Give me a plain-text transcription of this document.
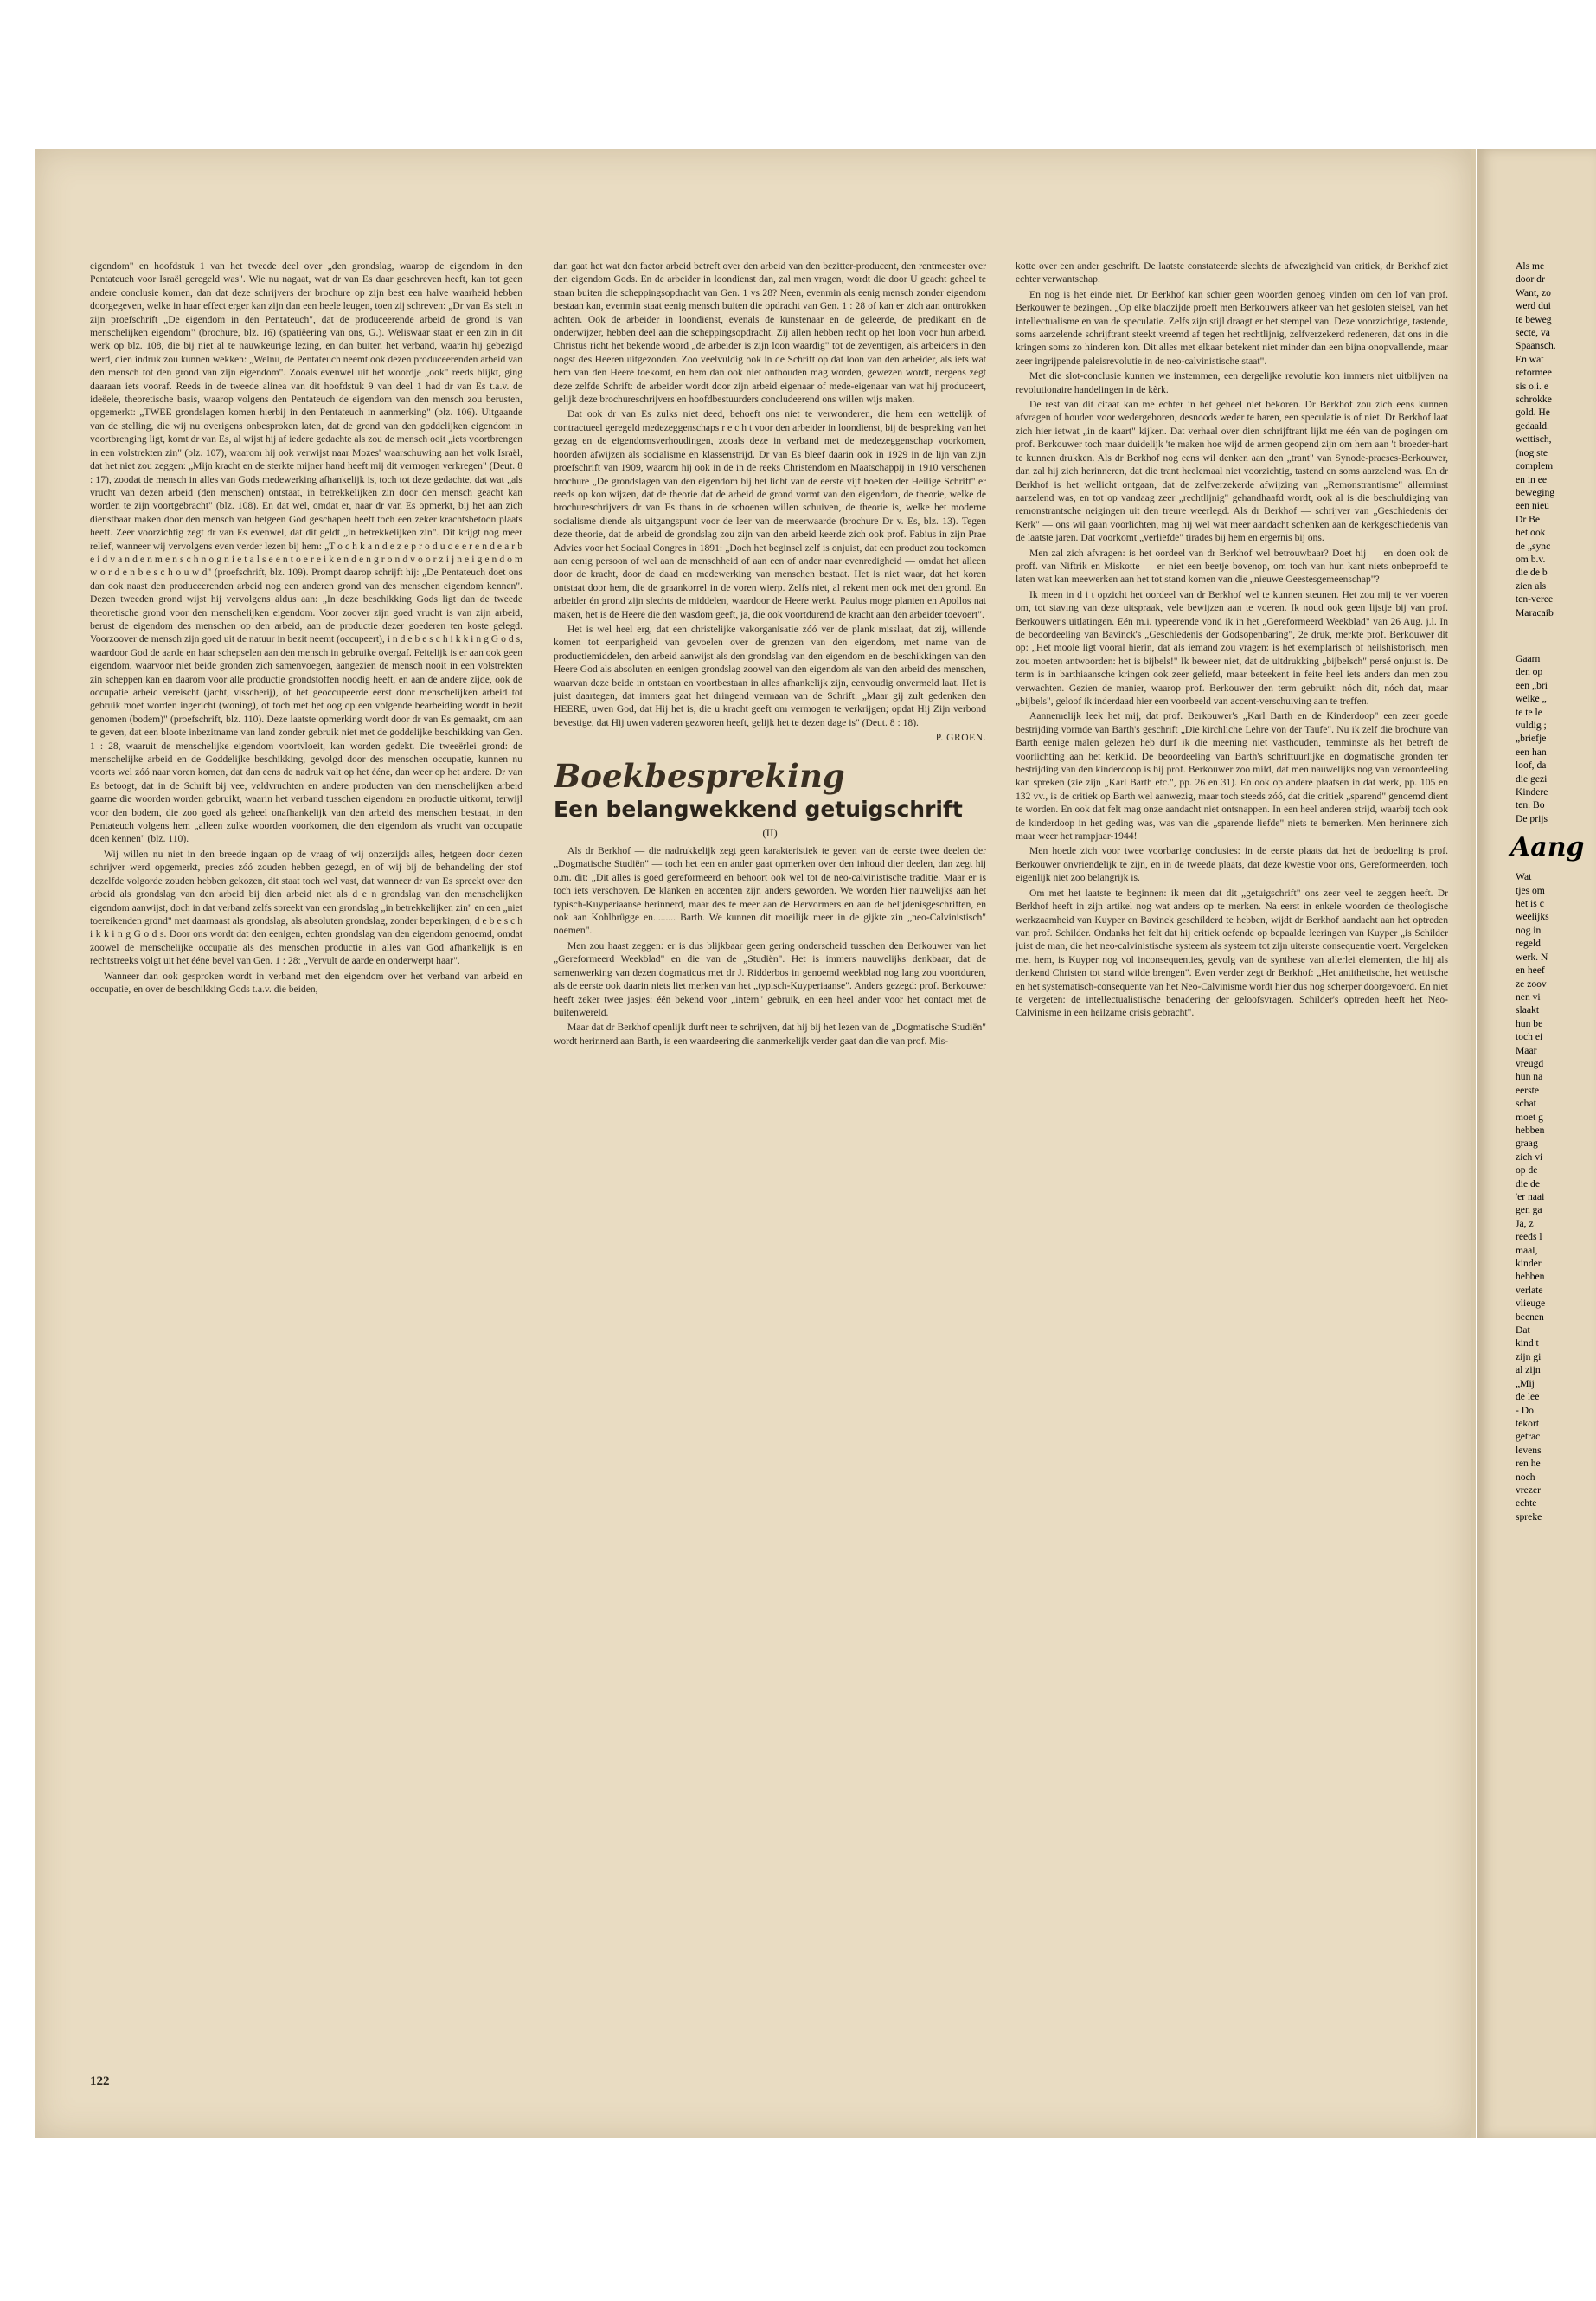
eigendom" en hoofdstuk 1 van het tweede deel over „den grondslag, waarop de eigendom in den Pentateuch voor Israël geregeld was". Wie nu nagaat, wat dr van Es daar geschreven heeft, kan tot geen andere conclusie komen, dan dat deze schrijvers der brochure op zijn best een halve waarheid hebben doorgegeven, welke in haar effect erger kan zijn dan een heele leugen, toen zij schreven: „Dr van Es stelt in zijn proefschrift „De eigendom in den Pentateuch", dat de produceerende arbeid de grond is van menschelijken eigendom" (brochure, blz. 16) (spatiëering van ons, G.). Weliswaar staat er een zin in dit werk op blz. 108, die bij niet al te nauwkeurige lezing, en dan buiten het verband, waarin hij gebezigd werd, dien indruk zou kunnen wekken: „Welnu, de Pentateuch neemt ook dezen produceerenden arbeid van den mensch tot den grond van zijn eigendom". Zooals evenwel uit het woordje „ook" reeds blijkt, ging daaraan iets vooraf. Reeds in de tweede alinea van dit hoofdstuk 9 van deel 1 had dr van Es t.a.v. de ideëele, theoretische basis, waarop volgens den Pentateuch de eigendom van den mensch zou berusten, opgemerkt: „TWEE grondslagen komen hierbij in den Pentateuch in aanmerking" (blz. 106). Uitgaande van de stelling, die wij nu overigens onbesproken laten, dat de grond van den goddelijken eigendom in voortbrenging ligt, komt dr van Es, al wijst hij af iedere gedachte als zou de mensch ooit „iets voortbrengen in een volstrekten zin" (blz. 107), waarom hij ook verwijst naar Mozes' waarschuwing aan het volk Israël, dat het niet zou zeggen: „Mijn kracht en de sterkte mijner hand heeft mij dit vermogen verkregen" (Deut. 8 : 17), zoodat de mensch in alles van Gods medewerking afhankelijk is, toch tot deze gedachte, dat wat „als vrucht van dezen arbeid (den menschen) ontstaat, in betrekkelijken zin door den mensch geacht kan worden te zijn voortgebracht" (blz. 108). En dat wel, omdat er, naar dr van Es opmerkt, bij het aan zich dienstbaar maken door den mensch van hetgeen God geschapen heeft toch een zeker krachtsbetoon plaats heeft. Zeer voorzichtig zegt dr van Es evenwel, dat dit geldt „in betrekkelijken zin". Dit krijgt nog meer relief, wanneer wij vervolgens even verder lezen bij hem: „T o c h k a n d e z e p r o d u c e e r e n d e a r b e i d v a n d e n m e n s c h n o g n i e t a l s e e n t o e r e i k e n d e n g r o n d v o o r z i j n e i g e n d o m w o r d e n b e s c h o u w d" (proefschrift, blz. 109). Prompt daarop schrijft hij: „De Pentateuch doet ons dan ook naast den produceerenden arbeid nog een anderen grond van des menschen eigendom kennen". Dezen tweeden grond wijst hij vervolgens aldus aan: „In deze beschikking Gods ligt dan de tweede theoretische grond voor den menschelijken eigendom. Voor zoover zijn goed vrucht is van zijn arbeid, berust de eigendom des menschen op den arbeid, aan de productie dezer goederen ten koste gelegd. Voorzoover de mensch zijn goed uit de natuur in bezit neemt (occupeert), i n d e b e s c h i k k i n g G o d s, waardoor God de aarde en haar schepselen aan den mensch in gebruike overgaf. Feitelijk is er aan ook geen eigendom, waarvoor niet beide gronden zich samenvoegen, aangezien de mensch nooit in een volstrekten zin scheppen kan en daarom voor alle productie grondstoffen noodig heeft, en aan de andere zijde, ook de occupatie arbeid vereischt (jacht, visscherij), of het geoccupeerde eerst door menschelijken arbeid tot gebruik moet worden ingericht (woning), of toch met het oog op een volgende bearbeiding wordt in bezit genomen (bodem)" (proefschrift, blz. 110). Deze laatste opmerking wordt door dr van Es gemaakt, om aan te geven, dat een bloote inbezitname van land zonder gebruik niet met de goddelijke beschikking van Gen. 1 : 28, waaruit de menschelijke eigendom voortvloeit, kan worden gedekt. Die tweeërlei grond: de menschelijke arbeid en de Goddelijke beschikking, gevolgd door des menschen occupatie, kunnen nu voorts wel zóó naar voren komen, dat dan eens de nadruk valt op het ééne, dan weer op het andere. Dr van Es betoogt, dat in de Schrift bij vee, veldvruchten en andere producten van den menschelijken arbeid gaarne die woorden worden gebruikt, waarin het verband tusschen eigendom en productie uitkomt, terwijl voor den bodem, die zoo goed als geheel onafhankelijk van den arbeid des menschen bestaat, in den Pentateuch volgens hem „alleen zulke woorden voorkomen, die den eigendom als vrucht van occupatie doen kennen" (blz. 110).

Wij willen nu niet in den breede ingaan op de vraag of wij onzerzijds alles, hetgeen door dezen schrijver werd opgemerkt, precies zóó zouden hebben gezegd, en of wij bij de behandeling der stof dezelfde volgorde zouden hebben gekozen, dit staat toch wel vast, dat wanneer dr van Es spreekt over den arbeid als grondslag van den arbeid bij dien arbeid niet als d e n grondslag van den menschelijken eigendom aanwijst, doch in dat verband zelfs spreekt van een grondslag „in betrekkelijken zin" en een „niet toereikenden grond" met daarnaast als grondslag, als absoluten grondslag, zonder beperkingen, d e b e s c h i k k i n g G o d s. Door ons wordt dat den eenigen, echten grondslag van den eigendom genoemd, omdat zoowel de menschelijke occupatie als des menschen productie in alles van God afhankelijk is en rechtstreeks volgt uit het ééne bevel van Gen. 1 : 28: „Vervult de aarde en onderwerpt haar".

Wanneer dan ook gesproken wordt in verband met den eigendom over het verband van arbeid en occupatie, en over de beschikking Gods t.a.v. die beiden,

dan gaat het wat den factor arbeid betreft over den arbeid van den bezitter-producent, den rentmeester over den eigendom Gods. En de arbeider in loondienst dan, zal men vragen, wordt die door U geacht geheel te staan buiten die scheppingsopdracht van Gen. 1 vs 28? Neen, evenmin als eenig mensch zonder eigendom bestaan kan, evenmin staat eenig mensch buiten die opdracht van Gen. 1 : 28 of kan er zich aan onttrokken achten. Ook de arbeider in loondienst, evenals de kunstenaar en de geleerde, de predikant en de onderwijzer, hebben deel aan die scheppingsopdracht. Zij allen hebben recht op het loon voor hun arbeid. Christus richt het bekende woord „de arbeider is zijn loon waardig" tot de zeventigen, als arbeiders in den oogst des Heeren uitgezonden. Zoo veelvuldig ook in de Schrift op dat loon van den arbeider, als iets wat hem van den Heere toekomt, en hem dan ook niet onthouden mag worden, gewezen wordt, nergens zegt deze zelfde Schrift: de arbeider wordt door zijn arbeid eigenaar of mede-eigenaar van wat hij produceert, gelijk deze brochureschrijvers en hoofdbestuurders concludeerend ons willen wijs maken.

Dat ook dr van Es zulks niet deed, behoeft ons niet te verwonderen, die hem een wettelijk of contractueel geregeld medezeggenschaps r e c h t voor den arbeider in loondienst, bij de bespreking van het gezag en de eigendomsverhoudingen, zooals deze in verband met de medezeggenschap voorkomen, hoorden afwijzen als socialisme en klassenstrijd. Dr van Es bleef daarin ook in 1929 in de lijn van zijn proefschrift van 1909, waarom hij ook in de in de reeks Christendom en Maatschappij in 1910 verschenen brochure „De grondslagen van den eigendom bij het licht van de eerste vijf boeken der Heilige Schrift" er reeds op kon wijzen, dat de theorie dat de arbeid de grond vormt van den eigendom, de theorie, welke de brochureschrijvers dr van Es thans in de schoenen willen schuiven, de theorie is, welke het moderne socialisme diende als uitgangspunt voor de leer van de meerwaarde (brochure Dr v. Es, blz. 13). Tegen deze theorie, dat de arbeid de grondslag zou zijn van den arbeid keerde zich ook prof. Fabius in zijn Prae Advies voor het Sociaal Congres in 1891: „Doch het beginsel zelf is onjuist, dat een product zou toekomen aan eenig persoon of wel aan de menschheid of aan een of ander naar evenredigheid — omdat het alleen door de kracht, door de daad en medewerking van menschen bestaat. Het is niet waar, dat het koren ontstaat door hem, die de graankorrel in de voren wierp. Zelfs niet, al rekent men ook met den grond. En arbeider én grond zijn slechts de middelen, waardoor de Heere werkt. Paulus moge planten en Apollos nat maken, het is de Heere die den wasdom geeft, ja, die ook voortdurend de kracht aan den arbeider toevoert".

Het is wel heel erg, dat een christelijke vakorganisatie zóó ver de plank misslaat, dat zij, willende komen tot eenparigheid van gevoelen over de grenzen van den eigendom, met name van de productiemiddelen, den arbeid aanwijst als den grondslag van den eigendom en de beschikkingen van den Heere God als absoluten en eenigen grondslag zoowel van den eigendom als van den arbeid des menschen, waarvan deze beide in ontstaan en voortbestaan in alles afhankelijk zijn, eenvoudig onvermeld laat. Het is juist daartegen, dat immers gaat het dringend vermaan van de Schrift: „Maar gij zult gedenken den HEERE, uwen God, dat Hij het is, die u kracht geeft om vermogen te verkrijgen; opdat Hij Zijn verbond bevestige, dat Hij uwen vaderen gezworen heeft, gelijk het te dezen dage is" (Deut. 8 : 18).

P. GROEN.
Boekbespreking
Een belangwekkend getuigschrift
(II)

Als dr Berkhof — die nadrukkelijk zegt geen karakteristiek te geven van de eerste twee deelen der „Dogmatische Studiën" — toch het een en ander gaat opmerken over den inhoud dier deelen, dan zegt hij o.m. dit: „Dit alles is goed gereformeerd en behoort ook wel tot de neo-calvinistische traditie. Maar er is toch iets verschoven. De klanken en accenten zijn anders geworden. We worden hier nauwelijks aan het typisch-Kuyperiaanse herinnerd, maar des te meer aan de Hervormers en aan de belijdenisgeschriften, en ook aan Kohlbrügge en......... Barth. We kunnen dit moeilijk meer in de gijkte zin „neo-Calvinistisch" noemen".

Men zou haast zeggen: er is dus blijkbaar geen gering onderscheid tusschen den Berkouwer van het „Gereformeerd Weekblad" en die van de „Studiën". Het is immers nauwelijks denkbaar, dat de samenwerking van dezen dogmaticus met dr J. Ridderbos in genoemd weekblad nog lang zou voortduren, als de eerste ook daarin niets liet merken van het „typisch-Kuyperiaanse". Anders gezegd: prof. Berkouwer heeft zeker twee jasjes: één bekend voor „intern" gebruik, en een heel ander voor het contact met de buitenwereld.

Maar dat dr Berkhof openlijk durft neer te schrijven, dat hij bij het lezen van de „Dogmatische Studiën" wordt herinnerd aan Barth, is een waardeering die aanmerkelijk verder gaat dan die van prof. Mis-

kotte over een ander geschrift. De laatste constateerde slechts de afwezigheid van critiek, dr Berkhof ziet echter verwantschap.

En nog is het einde niet. Dr Berkhof kan schier geen woorden genoeg vinden om den lof van prof. Berkouwer te bezingen. „Op elke bladzijde proeft men Berkouwers afkeer van het gesloten stelsel, van het intellectualisme en van de speculatie. Zelfs zijn stijl draagt er het stempel van. Deze voorzichtige, tastende, soms aarzelende schrijftrant steekt vreemd af tegen het rechtlijnig, zelfverzekerd redeneren, dat ons in die kringen soms zo hinderen kon. Dit alles met elkaar betekent niet minder dan een bijna onopvallende, maar zeer ingrijpende paleisrevolutie in de neo-calvinistische staat".

Met die slot-conclusie kunnen we instemmen, een dergelijke revolutie kon immers niet uitblijven na revolutionaire handelingen in de kèrk.

De rest van dit citaat kan me echter in het geheel niet bekoren. Dr Berkhof zou zich eens kunnen afvragen of houden voor wedergeboren, desnoods weder te baren, een speculatie is of niet. Dr Berkhof laat zich hier ietwat „in de kaart" kijken. Dat verhaal over dien schrijftrant lijkt me één van de pogingen om prof. Berkouwer toch maar duidelijk 'te maken hoe wijd de armen geopend zijn om hem aan 't broeder-hart te kunnen drukken. Als dr Berkhof nog eens wil denken aan den „trant" van Synode-praeses-Berkouwer, dan zal hij zich herinneren, dat die trant heelemaal niet voorzichtig, tastend en soms aarzelend was. En dr Berkhof is het wellicht ontgaan, dat de zelfverzekerde afwijzing van „Remonstrantisme" allerminst aarzelend was, en tot op vandaag zeer „rechtlijnig" gehandhaafd wordt, ook al is die beschuldiging van remonstrantsche neigingen uit den treure weerlegd. Als dr Berkhof — schrijver van „Geschiedenis der Kerk" — ons wil gaan voorlichten, mag hij wel wat meer aandacht schenken aan de kerkgeschiedenis van de laatste jaren. Dat voorkomt „verliefde" tirades bij hem en ergernis bij ons.

Men zal zich afvragen: is het oordeel van dr Berkhof wel betrouwbaar? Doet hij — en doen ook de proff. van Niftrik en Miskotte — er niet een beetje bovenop, om toch van hun kant niets onbeproefd te laten wat kan meewerken aan het tot stand komen van die „nieuwe Geestesgemeenschap"?

Ik meen in d i t opzicht het oordeel van dr Berkhof wel te kunnen steunen. Het zou mij te ver voeren om, tot staving van deze uitspraak, vele bewijzen aan te voeren. Ik noud ook geen lijstje bij van prof. Berkouwer's uitlatingen. Eén m.i. typeerende vond ik in het „Gereformeerd Weekblad" van 26 Aug. j.l. In de beoordeeling van Bavinck's „Geschiedenis der Godsopenbaring", 2e druk, merkte prof. Berkouwer dit op: „Het mooie ligt vooral hierin, dat als iemand zou vragen: is het exemplarisch of heilshistorisch, men zou moeten antwoorden: het is bijbels!" Ik beweer niet, dat de uitdrukking „bijbelsch" persé onjuist is. De term is in barthiaansche kringen ook zeer geliefd, maar beteekent in feite heel iets anders dan men zou verwachten. Gezien de manier, waarop prof. Berkouwer den term gebruikt: nóch dit, nóch dat, maar „bijbels", geloof ik inderdaad hier een voorbeeld van accent-verschuiving aan te treffen.

Aannemelijk leek het mij, dat prof. Berkouwer's „Karl Barth en de Kinderdoop" een zeer goede bestrijding vormde van Barth's geschrift „Die kirchliche Lehre von der Taufe". Nu ik zelf die brochure van Barth eenige malen gelezen heb durf ik die meening niet vasthouden, temminste als het betreft de voorlichting aan het kerklid. De beoordeeling van Barth's schriftuurlijke en dogmatische gronden ter bestrijding van den kinderdoop is bij prof. Berkouwer zoo mild, dat men nauwelijks nog van veroordeeling kan spreken (zie zijn „Karl Barth etc.", pp. 26 en 31). En ook op andere plaatsen in dat werk, pp. 105 en 132 vv., is de critiek op Barth wel aanwezig, maar toch steeds zóó, dat die critiek „sparend" genoemd dient te worden. En ook dat felt mag onze aandacht niet ontsnappen. In een heel anderen strijd, waarbij toch ook de kinderdoop in het geding was, was van die „sparende liefde" niets te bemerken. Men herinnere zich maar weer het rampjaar-1944!

Men hoede zich voor twee voorbarige conclusies: in de eerste plaats dat het de bedoeling is prof. Berkouwer onvriendelijk te zijn, en in de tweede plaats, dat deze kwestie voor ons, Gereformeerden, toch eigenlijk niet zoo belangrijk is.

Om met het laatste te beginnen: ik meen dat dit „getuigschrift" ons zeer veel te zeggen heeft. Dr Berkhof heeft in zijn artikel nog wat anders op te merken. Na eerst in enkele woorden de theologische werkzaamheid van Kuyper en Bavinck geschilderd te hebben, wijdt dr Berkhof aandacht aan het optreden van prof. Schilder. Ondanks het felt dat hij critiek oefende op bepaalde leeringen van Kuyper „is Schilder juist de man, die het neo-calvinistische systeem als systeem tot zijn uiterste consequentie voert. Vergeleken met hem, is Kuyper nog vol inconsequenties, gevolg van de synthese van allerlei elementen, die hij als denkend Christen tot stand wilde brengen". Even verder zegt dr Berkhof: „Het antithetische, het wettische en het systematisch-consequente van het Neo-Calvinisme wordt hier dus nog scherper doorgevoerd. En niet te vergeten: de intellectualistische benadering der geloofsvragen. Schilder's optreden heeft het Neo-Calvinisme in een heilzame crisis gebracht".

122
Als me
door dr
Want, zo
werd dui
te beweg
secte, va
Spaansch.
En wat
reformee
sis o.i. e
schrokke
gold. He
gedaald.
wettisch,
(nog ste
complem
en in ee
beweging
een nieu
Dr Be
het ook
de „sync
om b.v.
die de b
zien als
ten-veree
Maracaib
Gaarn
den op
een „bri
welke „
te te le
vuldig ;
„briefje
een han
loof, da
die gezi
Kindere
ten. Bo
De prijs
Aang
Wat
tjes om
het is c
weelijks
nog in
regeld
werk. N
en heef
ze zoov
nen vi
slaakt
hun be
toch ei
Maar
vreugd
hun na
eerste
schat
moet g
hebben
graag
zich vi
op de
die de
'er naai
gen ga
Ja, z
reeds l
maal,
kinder
hebben
verlate
vlieuge
beenen
Dat
kind t
zijn gi
al zijn
„Mij
de lee
- Do
tekort
getrac
levens
ren he
noch
vrezer
echte
spreke
